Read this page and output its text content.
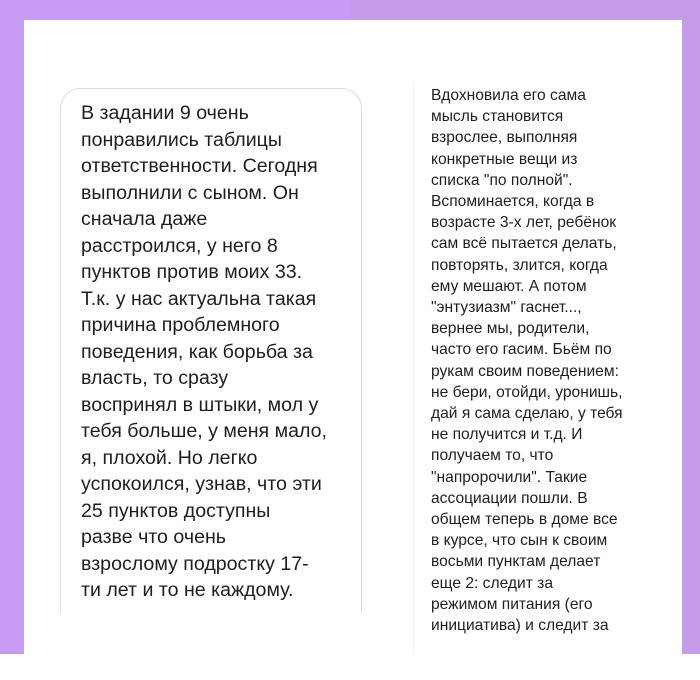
В задании 9 очень
понравились таблицы
ответственности. Сегодня
выполнили с сыном. Он
сначала даже
расстроился, у него 8
пунктов против моих 33.
Т.к. у нас актуальна такая
причина проблемного
поведения, как борьба за
власть, то сразу
воспринял в штыки, мол у
тебя больше, у меня мало,
я, плохой. Но легко
успокоился, узнав, что эти
25 пунктов доступны
разве что очень
взрослому подростку 17-
ти лет и то не каждому.
Вдохновила его сама
мысль становится
взрослее, выполняя
конкретные вещи из
списка "по полной".
Вспоминается, когда в
возрасте 3-х лет, ребёнок
сам всё пытается делать,
повторять, злится, когда
ему мешают. А потом
"энтузиазм" гаснет...,
вернее мы, родители,
часто его гасим. Бьём по
рукам своим поведением:
не бери, отойди, уронишь,
дай я сама сделаю, у тебя
не получится и т.д. И
получаем то, что
"напророчили". Такие
ассоциации пошли. В
общем теперь в доме все
в курсе, что сын к своим
восьми пунктам делает
еще 2: следит за
режимом питания (его
инициатива) и следит за
